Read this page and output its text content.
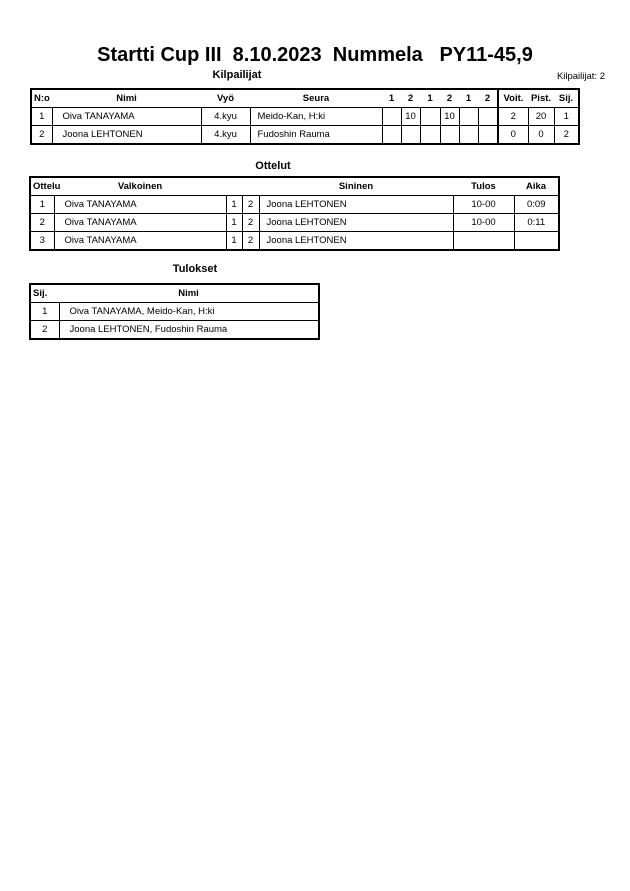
Startti Cup III  8.10.2023  Nummela   PY11-45,9
Kilpailijat	Kilpailijat: 2
N:o	Nimi	Vyö	Seura	1	2	1	2	1	2	Voit.	Pist.	Sij.
1	Oiva TANAYAMA	4.kyu	Meido-Kan, H:ki		10		10			2	20	1
2	Joona LEHTONEN	4.kyu	Fudoshin Rauma							0	0	2
Ottelut
Ottelu	Valkoinen			Sininen	Tulos	Aika
1	Oiva TANAYAMA	1	2	Joona LEHTONEN	10-00	0:09
2	Oiva TANAYAMA	1	2	Joona LEHTONEN	10-00	0:11
3	Oiva TANAYAMA	1	2	Joona LEHTONEN		
Tulokset
Sij.	Nimi
1	Oiva TANAYAMA, Meido-Kan, H:ki
2	Joona LEHTONEN, Fudoshin Rauma
